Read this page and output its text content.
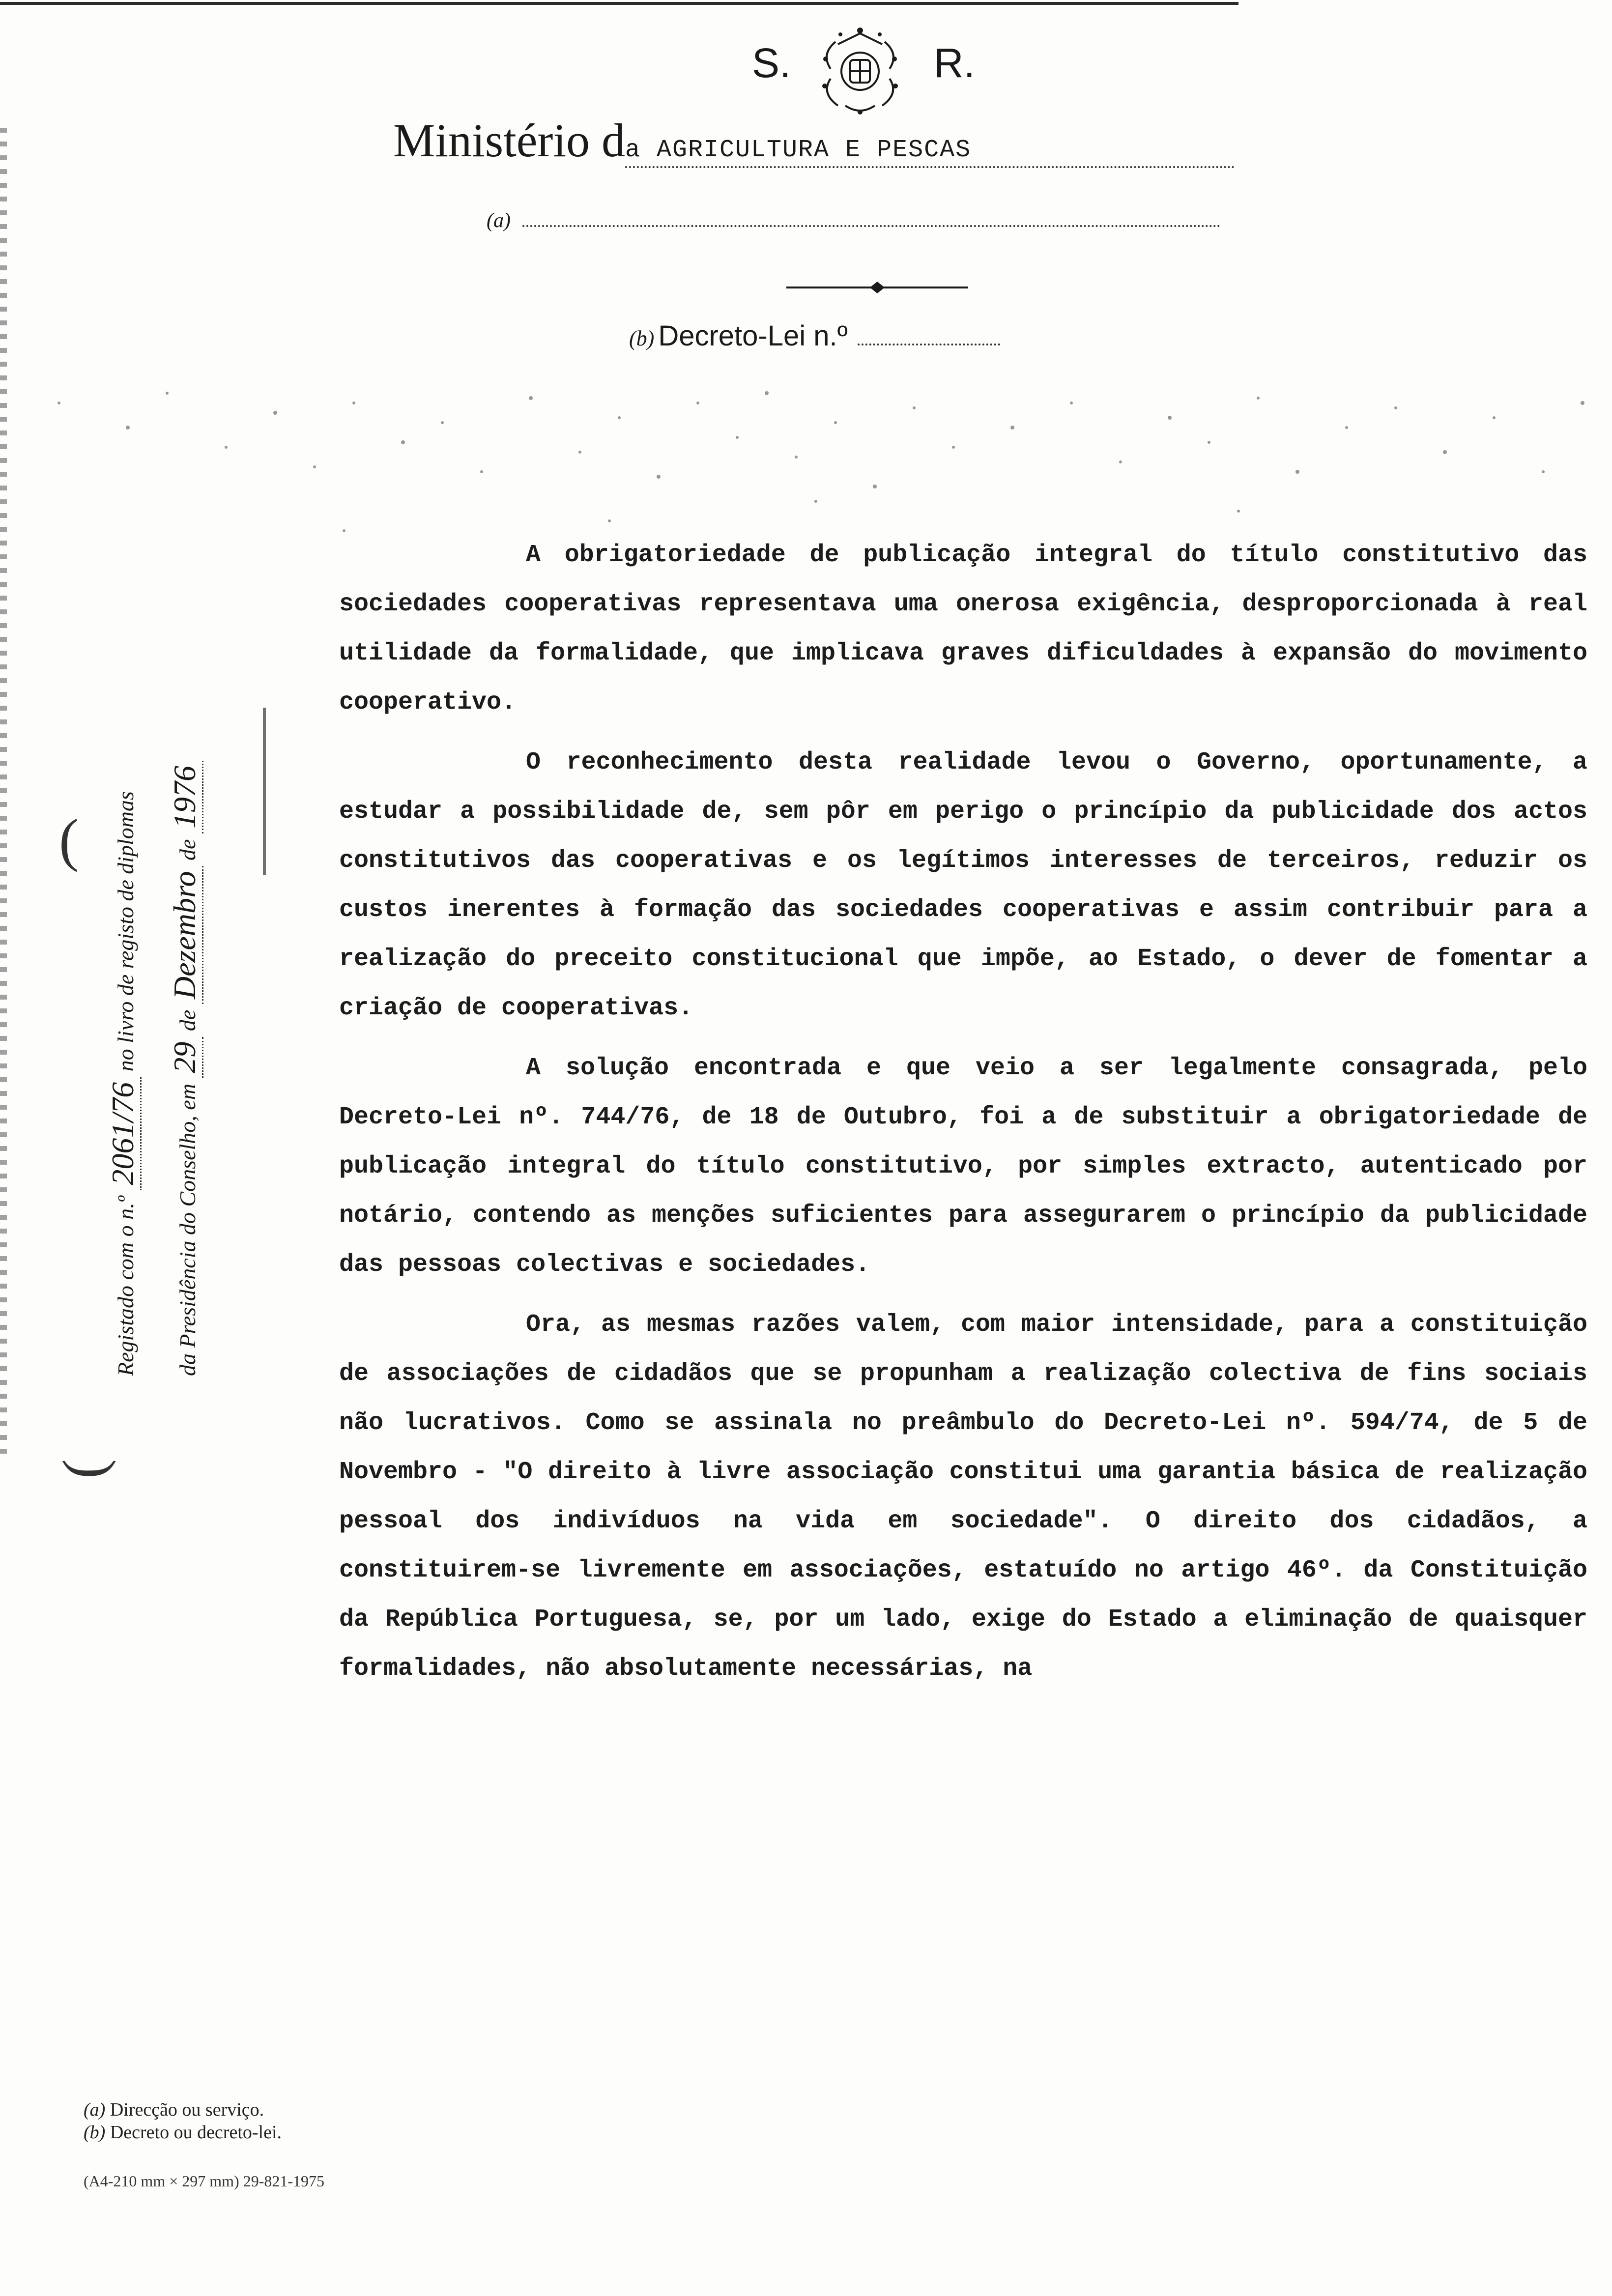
S.	R.
Ministério da AGRICULTURA E PESCAS
(a)
(b) Decreto-Lei n.º
(
(
Registado com o n.º 2061/76 no livro de registo de diplomas
da Presidência do Conselho, em 29 de Dezembro de 1976

A obrigatoriedade de publicação integral do título constitutivo das sociedades cooperativas representava uma onerosa exigência, desproporcionada à real utilidade da formalidade, que implicava graves dificuldades à expansão do movimento cooperativo.

O reconhecimento desta realidade levou o Governo, oportunamente, a estudar a possibilidade de, sem pôr em perigo o princípio da publicidade dos actos constitutivos das cooperativas e os legítimos interesses de terceiros, reduzir os custos inerentes à formação das sociedades cooperativas e assim contribuir para a realização do preceito constitucional que impõe, ao Estado, o dever de fomentar a criação de cooperativas.

A solução encontrada e que veio a ser legalmente consagrada, pelo Decreto-Lei nº. 744/76, de 18 de Outubro, foi a de substituir a obrigatoriedade de publicação integral do título constitutivo, por simples extracto, autenticado por notário, contendo as menções suficientes para assegurarem o princípio da publicidade das pessoas colectivas e sociedades.

Ora, as mesmas razões valem, com maior intensidade, para a constituição de associações de cidadãos que se propunham a realização colectiva de fins sociais não lucrativos. Como se assinala no preâmbulo do Decreto-Lei nº. 594/74, de 5 de Novembro - "O direito à livre associação constitui uma garantia básica de realização pessoal dos indivíduos na vida em sociedade". O direito dos cidadãos, a constituirem-se livremente em associações, estatuído no artigo 46º. da Constituição da República Portuguesa, se, por um lado, exige do Estado a eliminação de quaisquer formalidades, não absolutamente necessárias, na

(a) Direcção ou serviço.
(b) Decreto ou decreto-lei.
(A4-210 mm × 297 mm) 29-821-1975
